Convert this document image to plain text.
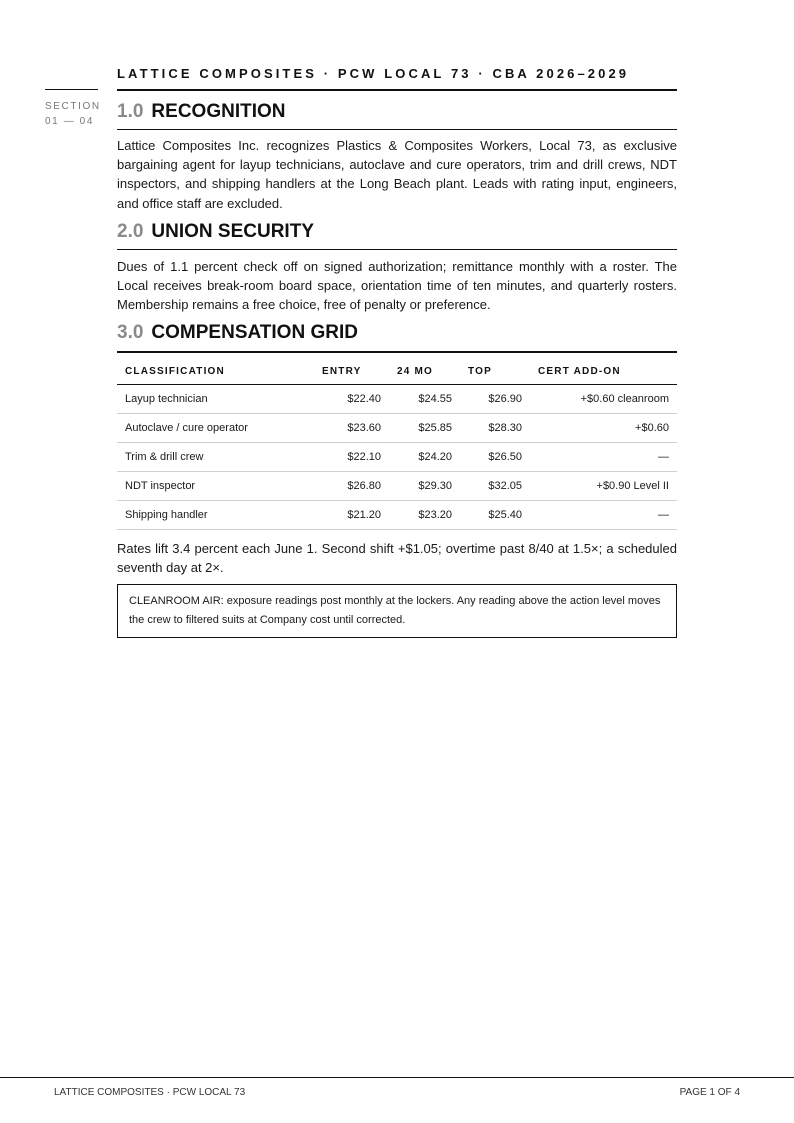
LATTICE COMPOSITES · PCW LOCAL 73 · CBA 2026–2029
SECTION
01 — 04	1.0 RECOGNITION
Lattice Composites Inc. recognizes Plastics & Composites Workers, Local 73, as exclusive bargaining agent for layup technicians, autoclave and cure operators, trim and drill crews, NDT inspectors, and shipping handlers at the Long Beach plant. Leads with rating input, engineers, and office staff are excluded.
2.0 UNION SECURITY
Dues of 1.1 percent check off on signed authorization; remittance monthly with a roster. The Local receives break-room board space, orientation time of ten minutes, and quarterly rosters. Membership remains a free choice, free of penalty or preference.
3.0 COMPENSATION GRID
CLASSIFICATION	ENTRY	24 MO	TOP	CERT ADD-ON
Layup technician	$22.40	$24.55	$26.90	+$0.60 cleanroom
Autoclave / cure operator	$23.60	$25.85	$28.30	+$0.60
Trim & drill crew	$22.10	$24.20	$26.50	—
NDT inspector	$26.80	$29.30	$32.05	+$0.90 Level II
Shipping handler	$21.20	$23.20	$25.40	—
Rates lift 3.4 percent each June 1. Second shift +$1.05; overtime past 8/40 at 1.5×; a scheduled seventh day at 2×.
CLEANROOM AIR: exposure readings post monthly at the lockers. Any reading above the action level moves the crew to filtered suits at Company cost until corrected.
LATTICE COMPOSITES · PCW LOCAL 73	PAGE 1 OF 4
